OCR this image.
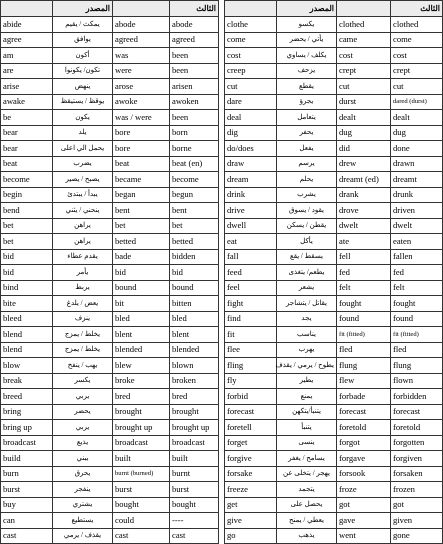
	المصدر		الثالث
abide	يمكث / يقيم	abode	abode
agree	يوافق	agreed	agreed
am	أكون	was	been
are	تكون/ يكونوا	were	been
arise	ينهض	arose	arisen
awake	يوقظ / يستيقظ	awoke	awoken
be	يكون	was / were	been
bear	يلد	bore	born
bear	يحمل الي اعلى	bore	borne
beat	يضرب	beat	beat (en)
become	يصبح / يصير	became	become
begin	يبدأ / يبتدئ	began	begun
bend	ينحني / يثني	bent	bent
bet	يراهن	bet	bet
bet	يراهن	betted	betted
bid	يقدم عطاء	bade	bidden
bid	يأمر	bid	bid
bind	يربط	bound	bound
bite	يعض / يلدغ	bit	bitten
bleed	ينزف	bled	bled
blend	يخلط / يمزج	blent	blent
blend	يخلط / يمزج	blended	blended
blow	يهب / ينفخ	blew	blown
break	يكسر	broke	broken
breed	يربي	bred	bred
bring	يحضر	brought	brought
bring up	يربي	brought up	brought up
broadcast	يذيع	broadcast	broadcast
build	يبني	built	built
burn	يحرق	burnt (burned)	burnt
burst	ينفجر	burst	burst
buy	يشتري	bought	bought
can	يستطيع	could	----
cast	يقذف / يرمي	cast	cast
	المصدر		الثالث
clothe	يكسو	clothed	clothed
come	يأتي / يحضر	came	come
cost	يكلف / يساوي	cost	cost
creep	يزحف	crept	crept
cut	يقطع	cut	cut
dare	يجرؤ	durst	dared (durst)
deal	يتعامل	dealt	dealt
dig	يحفر	dug	dug
do/does	يفعل	did	done
draw	يرسم	drew	drawn
dream	يحلم	dreamt (ed)	dreamt
drink	يشرب	drank	drunk
drive	يقود / يسوق	drove	driven
dwell	يقطن / يسكن	dwelt	dwelt
eat	يأكل	ate	eaten
fall	يسقط / يقع	fell	fallen
feed	يطعم/ يتغذى	fed	fed
feel	يشعر	felt	felt
fight	يقاتل / يتشاجر	fought	fought
find	يجد	found	found
fit	يناسب	fit (fitted)	fit (fitted)
flee	يهرب	fled	fled
fling	يطوح / يرمي / يقذف	flung	flung
fly	يطير	flew	flown
forbid	يمنع	forbade	forbidden
forecast	يتنبأ/يتكهن	forecast	forecast
foretell	يتنبأ	foretold	foretold
forget	ينسى	forgot	forgotten
forgive	يسامح / يغفر	forgave	forgiven
forsake	يهجر / يتخلى عن	forsook	forsaken
freeze	يتجمد	froze	frozen
get	يحصل على	got	got
give	يعطي / يمنح	gave	given
go	يذهب	went	gone
